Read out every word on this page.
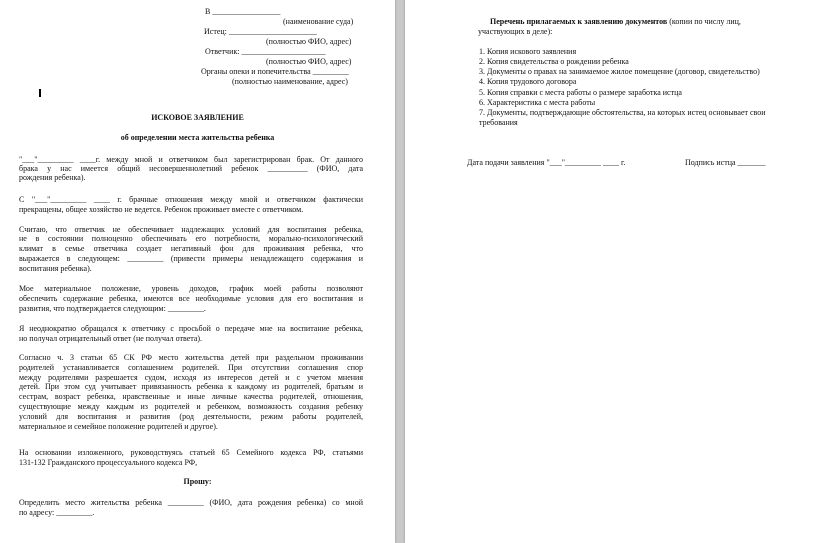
В _________________
(наименование суда)
Истец: ______________________
(полностью ФИО, адрес)
Ответчик: _____________________
(полностью ФИО, адрес)
Органы опеки и попечительства _________
(полностью наименование, адрес)
ИСКОВОЕ ЗАЯВЛЕНИЕ
об определении места жительства ребенка
"___"_________ ____г. между мной и ответчиком был зарегистрирован брак. От данного
брака у нас имеется общий несовершеннолетний ребенок __________ (ФИО, дата
рождения ребенка).
С "___"_________ ____ г. брачные отношения между мной и ответчиком фактически
прекращены, общее хозяйство не ведется. Ребенок проживает вместе с ответчиком.
Считаю, что ответчик не обеспечивает надлежащих условий для воспитания ребенка,
не в состоянии полноценно обеспечивать его потребности, морально-психологический
климат в семье ответчика создает негативный фон для проживания ребенка, что
выражается в следующем: _________ (привести примеры ненадлежащего содержания и
воспитания ребенка).
Мое материальное положение, уровень доходов, график моей работы позволяют
обеспечить содержание ребенка, имеются все необходимые условия для его воспитания и
развития, что подтверждается следующим: _________.
Я неоднократно обращался к ответчику с просьбой о передаче мне на воспитание ребенка,
но получал отрицательный ответ (не получал ответа).
Согласно ч. 3 статьи 65 СК РФ место жительства детей при раздельном проживании
родителей устанавливается соглашением родителей. При отсутствии соглашения спор
между родителями разрешается судом, исходя из интересов детей и с учетом мнения
детей. При этом суд учитывает привязанность ребенка к каждому из родителей, братьям и
сестрам, возраст ребенка, нравственные и иные личные качества родителей, отношения,
существующие между каждым из родителей и ребенком, возможность создания ребенку
условий для воспитания и развития (род деятельности, режим работы родителей,
материальное и семейное положение родителей и другое).
На основании изложенного, руководствуясь статьей 65 Семейного кодекса РФ, статьями
131-132 Гражданского процессуального кодекса РФ,
Прошу:
Определить место жительства ребенка _________ (ФИО, дата рождения ребенка) со мной
по адресу: _________.
Перечень прилагаемых к заявлению документов (копии по числу лиц,
участвующих в деле):
1. Копия искового заявления
2. Копия свидетельства о рождении ребенка
3. Документы о правах на занимаемое жилое помещение (договор, свидетельство)
4. Копия трудового договора
5. Копия справки с места работы о размере заработка истца
6. Характеристика с места работы
7. Документы, подтверждающие обстоятельства, на которых истец основывает свои
требования
Дата подачи заявления "___"_________ ____ г.	Подпись истца _______
